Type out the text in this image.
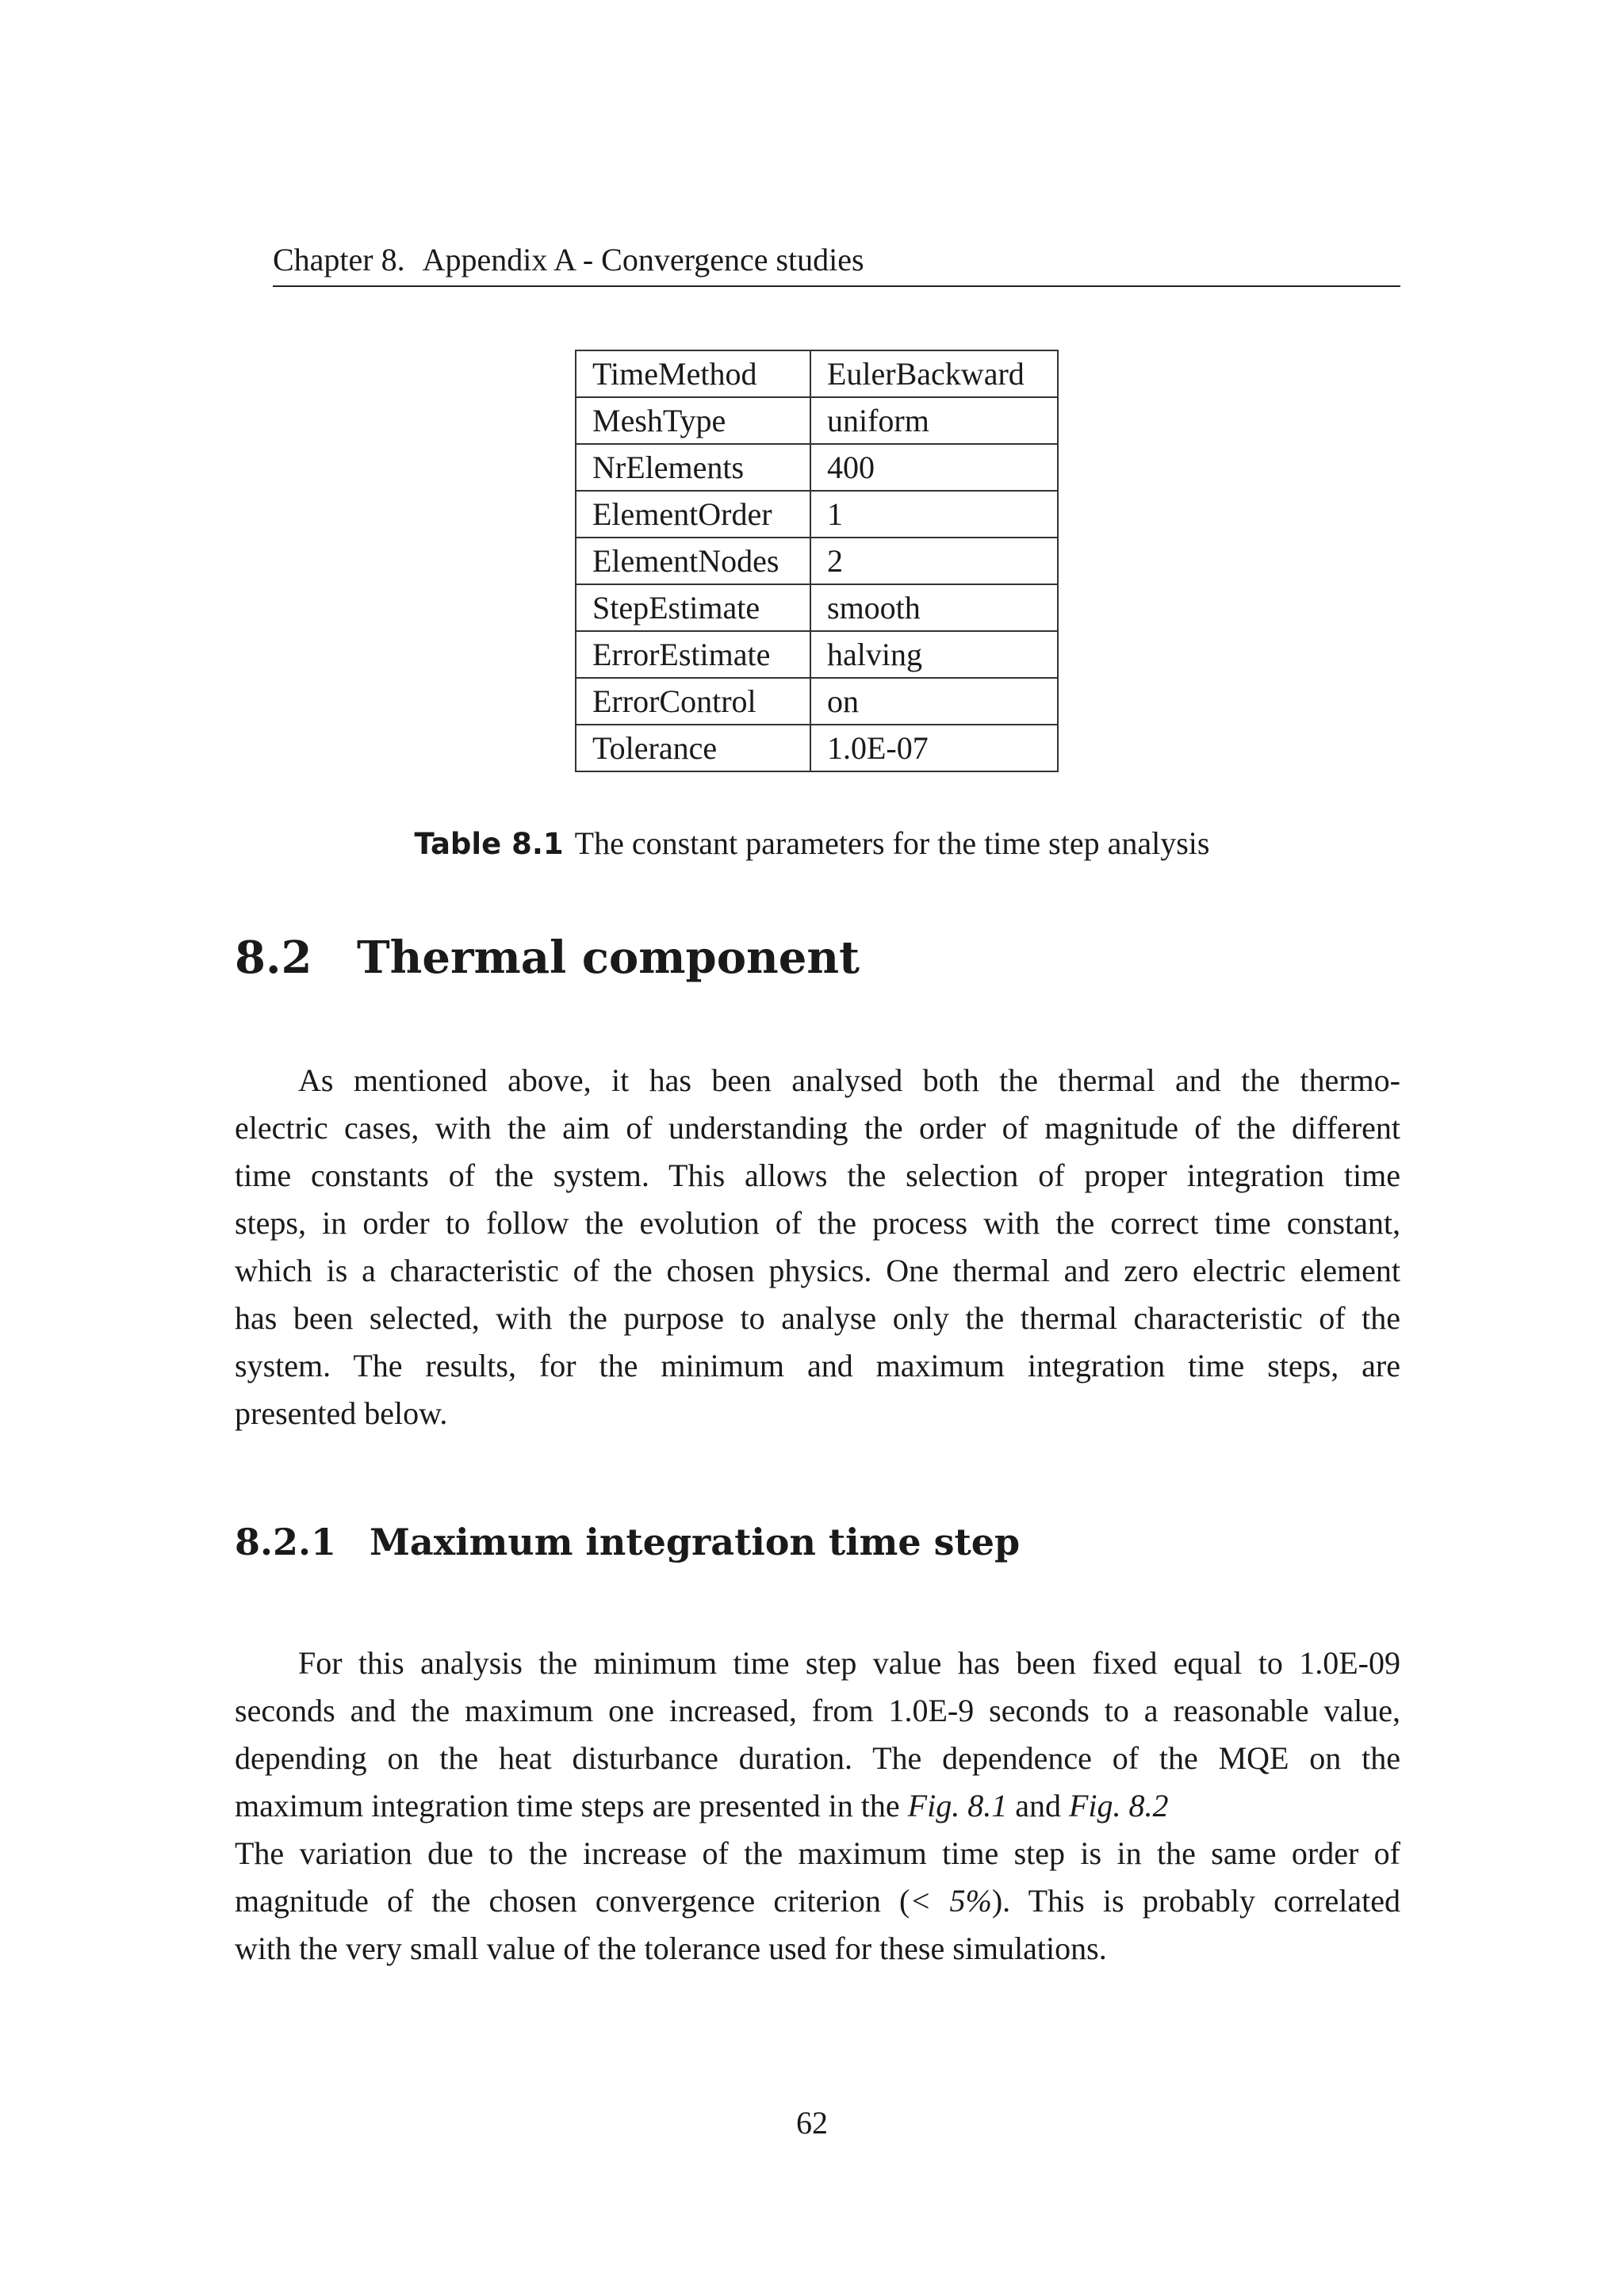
Chapter 8. Appendix A - Convergence studies
TimeMethod	EulerBackward
MeshType	uniform
NrElements	400
ElementOrder	1
ElementNodes	2
StepEstimate	smooth
ErrorEstimate	halving
ErrorControl	on
Tolerance	1.0E-07
Table 8.1 The constant parameters for the time step analysis
8.2 Thermal component
As mentioned above, it has been analysed both the thermal and the thermo-
electric cases, with the aim of understanding the order of magnitude of the different
time constants of the system. This allows the selection of proper integration time
steps, in order to follow the evolution of the process with the correct time constant,
which is a characteristic of the chosen physics. One thermal and zero electric element
has been selected, with the purpose to analyse only the thermal characteristic of the
system. The results, for the minimum and maximum integration time steps, are
presented below.
8.2.1 Maximum integration time step
For this analysis the minimum time step value has been fixed equal to 1.0E-09
seconds and the maximum one increased, from 1.0E-9 seconds to a reasonable value,
depending on the heat disturbance duration. The dependence of the MQE on the
maximum integration time steps are presented in the Fig. 8.1 and Fig. 8.2
The variation due to the increase of the maximum time step is in the same order of
magnitude of the chosen convergence criterion (< 5%). This is probably correlated
with the very small value of the tolerance used for these simulations.
62
